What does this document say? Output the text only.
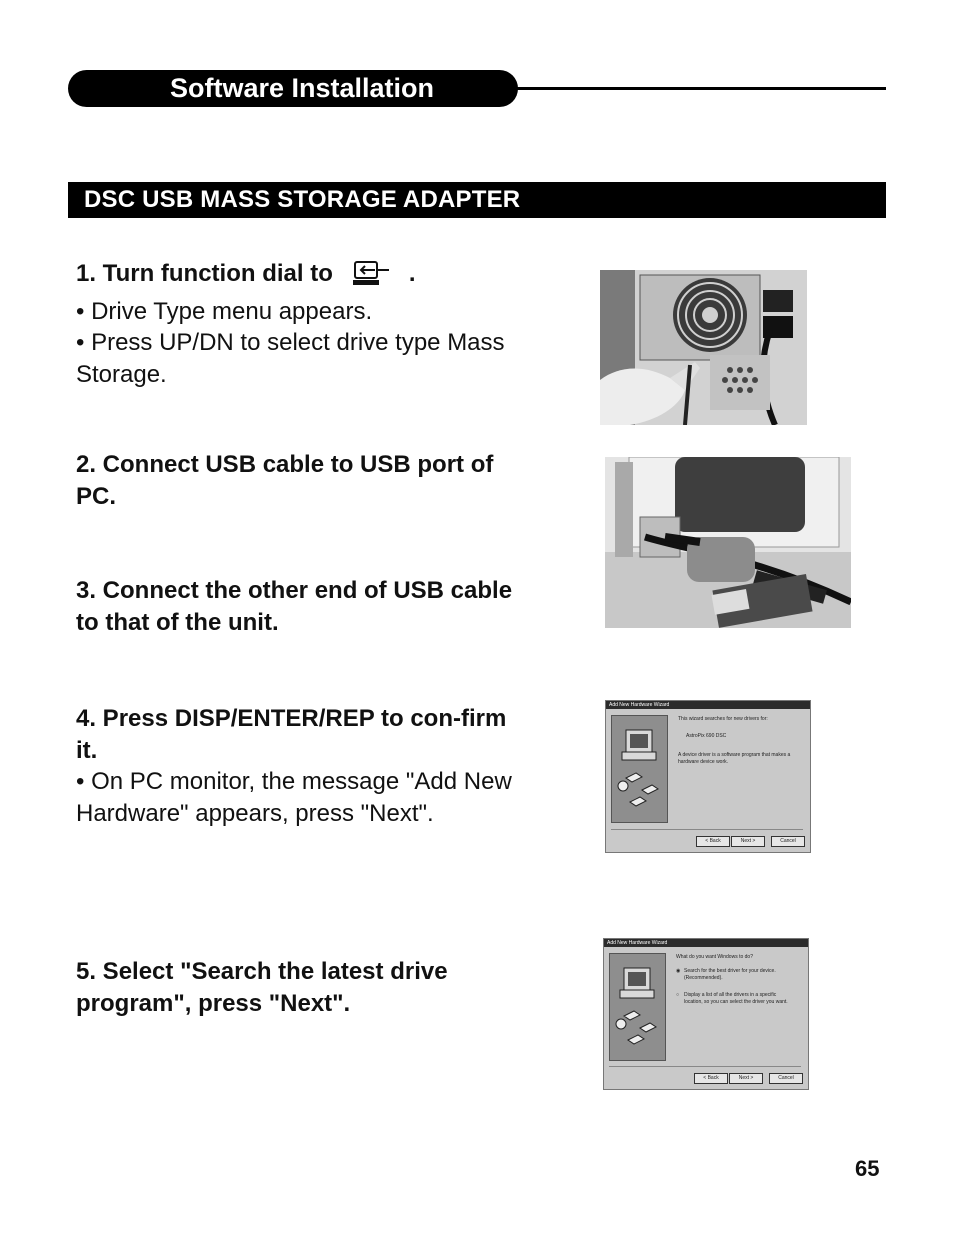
Software Installation
DSC USB MASS STORAGE ADAPTER
1. Turn function dial to	.
• Drive Type menu appears.
• Press UP/DN to select drive type Mass Storage.
2. Connect USB cable to USB port of PC.
3. Connect the other end of USB cable to that of the unit.
4. Press DISP/ENTER/REP to con-firm it.
• On PC monitor, the message "Add New Hardware" appears, press "Next".
5. Select "Search the latest drive program", press "Next".
Add New Hardware Wizard
This wizard searches for new drivers for:
AstroPix 690 DSC
A device driver is a software program that makes a
hardware device work.
< Back	Next >	Cancel
Add New Hardware Wizard
What do you want Windows to do?
◉ Search for the best driver for your device.
(Recommended).
○ Display a list of all the drivers in a specific
location, so you can select the driver you want.
< Back	Next >	Cancel
65
